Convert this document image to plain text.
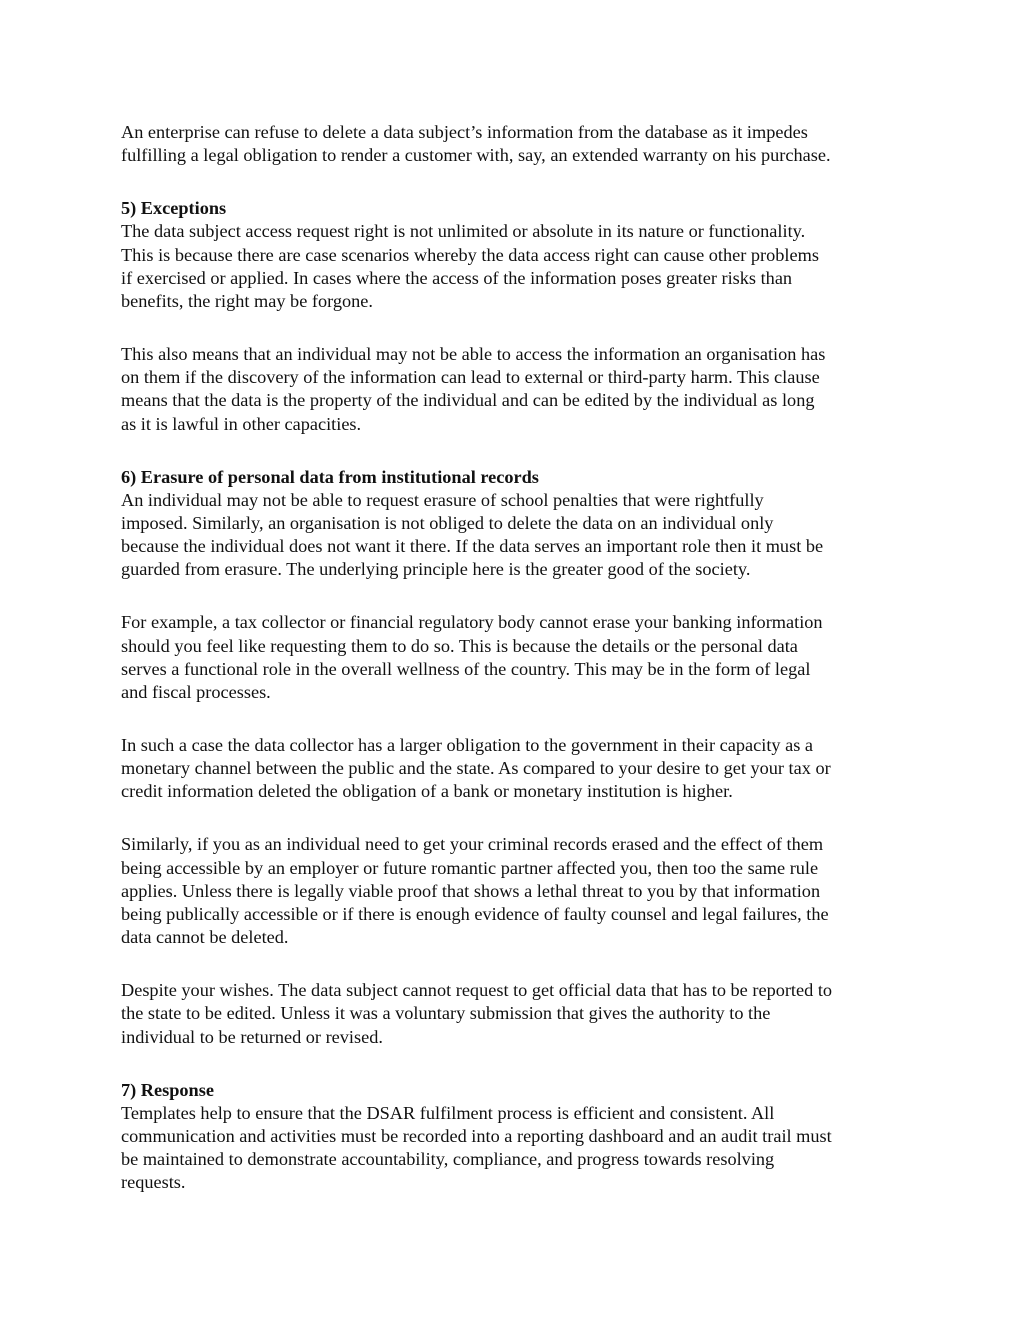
An enterprise can refuse to delete a data subject’s information from the database as it impedes
fulfilling a legal obligation to render a customer with, say, an extended warranty on his purchase.

5) Exceptions
The data subject access request right is not unlimited or absolute in its nature or functionality.
This is because there are case scenarios whereby the data access right can cause other problems
if exercised or applied. In cases where the access of the information poses greater risks than
benefits, the right may be forgone.

This also means that an individual may not be able to access the information an organisation has
on them if the discovery of the information can lead to external or third-party harm. This clause
means that the data is the property of the individual and can be edited by the individual as long
as it is lawful in other capacities.

6) Erasure of personal data from institutional records
An individual may not be able to request erasure of school penalties that were rightfully
imposed. Similarly, an organisation is not obliged to delete the data on an individual only
because the individual does not want it there. If the data serves an important role then it must be
guarded from erasure. The underlying principle here is the greater good of the society.

For example, a tax collector or financial regulatory body cannot erase your banking information
should you feel like requesting them to do so. This is because the details or the personal data
serves a functional role in the overall wellness of the country. This may be in the form of legal
and fiscal processes.

In such a case the data collector has a larger obligation to the government in their capacity as a
monetary channel between the public and the state. As compared to your desire to get your tax or
credit information deleted the obligation of a bank or monetary institution is higher.

Similarly, if you as an individual need to get your criminal records erased and the effect of them
being accessible by an employer or future romantic partner affected you, then too the same rule
applies. Unless there is legally viable proof that shows a lethal threat to you by that information
being publically accessible or if there is enough evidence of faulty counsel and legal failures, the
data cannot be deleted.

Despite your wishes. The data subject cannot request to get official data that has to be reported to
the state to be edited. Unless it was a voluntary submission that gives the authority to the
individual to be returned or revised.

7) Response
Templates help to ensure that the DSAR fulfilment process is efficient and consistent. All
communication and activities must be recorded into a reporting dashboard and an audit trail must
be maintained to demonstrate accountability, compliance, and progress towards resolving
requests.
